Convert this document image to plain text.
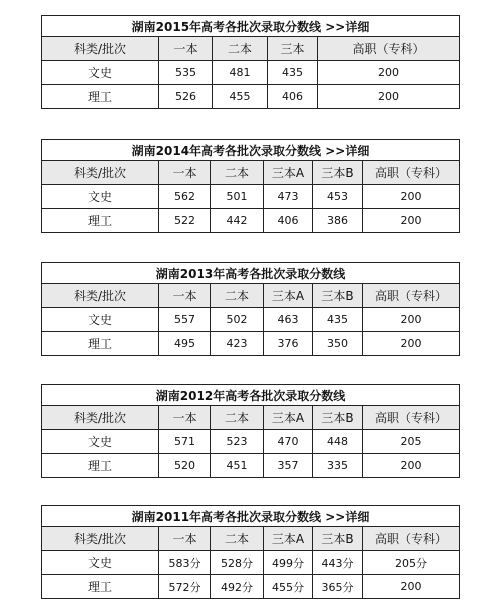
湖南2015年高考各批次录取分数线 >>详细				
科类/批次	一本	二本	三本	高职（专科）
文史	535	481	435	200
理工	526	455	406	200
湖南2014年高考各批次录取分数线 >>详细					
科类/批次	一本	二本	三本A	三本B	高职（专科）
文史	562	501	473	453	200
理工	522	442	406	386	200
湖南2013年高考各批次录取分数线					
科类/批次	一本	二本	三本A	三本B	高职（专科）
文史	557	502	463	435	200
理工	495	423	376	350	200
湖南2012年高考各批次录取分数线					
科类/批次	一本	二本	三本A	三本B	高职（专科）
文史	571	523	470	448	205
理工	520	451	357	335	200
湖南2011年高考各批次录取分数线 >>详细					
科类/批次	一本	二本	三本A	三本B	高职（专科）
文史	583分	528分	499分	443分	205分
理工	572分	492分	455分	365分	200
